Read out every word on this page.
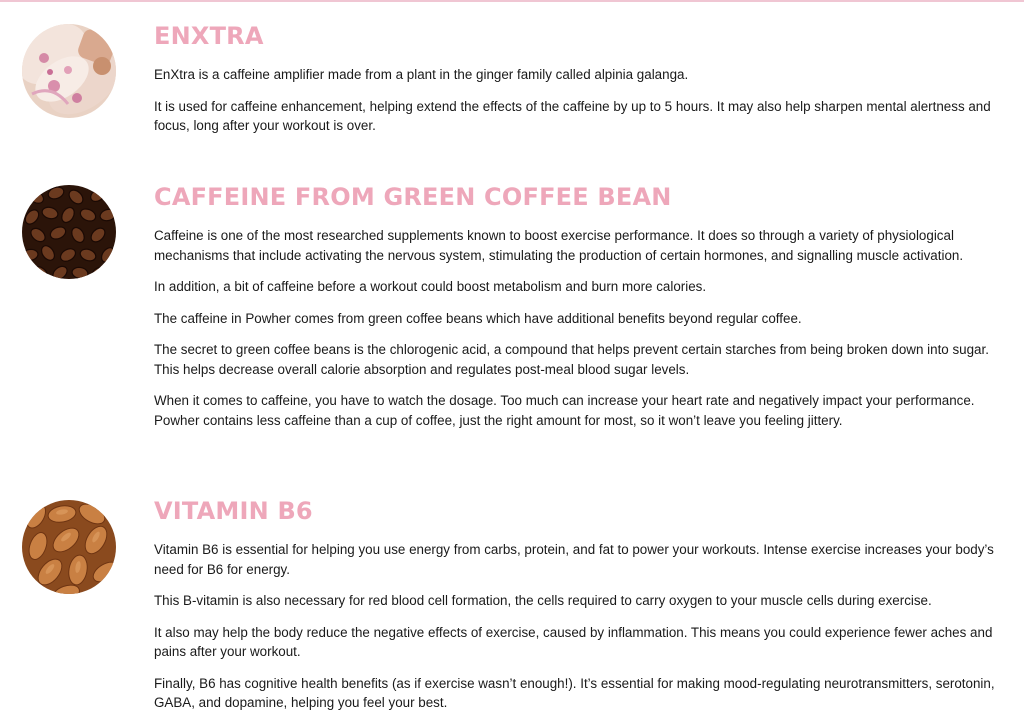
ENXTRA

EnXtra is a caffeine amplifier made from a plant in the ginger family called alpinia galanga.

It is used for caffeine enhancement, helping extend the effects of the caffeine by up to 5 hours. It may also help sharpen mental alertness and focus, long after your workout is over.

CAFFEINE FROM GREEN COFFEE BEAN

Caffeine is one of the most researched supplements known to boost exercise performance. It does so through a variety of physiological mechanisms that include activating the nervous system, stimulating the production of certain hormones, and signalling muscle activation.

In addition, a bit of caffeine before a workout could boost metabolism and burn more calories.

The caffeine in Powher comes from green coffee beans which have additional benefits beyond regular coffee.

The secret to green coffee beans is the chlorogenic acid, a compound that helps prevent certain starches from being broken down into sugar. This helps decrease overall calorie absorption and regulates post-meal blood sugar levels.

When it comes to caffeine, you have to watch the dosage. Too much can increase your heart rate and negatively impact your performance. Powher contains less caffeine than a cup of coffee, just the right amount for most, so it won’t leave you feeling jittery.

VITAMIN B6

Vitamin B6 is essential for helping you use energy from carbs, protein, and fat to power your workouts. Intense exercise increases your body’s need for B6 for energy.

This B-vitamin is also necessary for red blood cell formation, the cells required to carry oxygen to your muscle cells during exercise.

It also may help the body reduce the negative effects of exercise, caused by inflammation. This means you could experience fewer aches and pains after your workout.

Finally, B6 has cognitive health benefits (as if exercise wasn’t enough!). It’s essential for making mood-regulating neurotransmitters, serotonin, GABA, and dopamine, helping you feel your best.
